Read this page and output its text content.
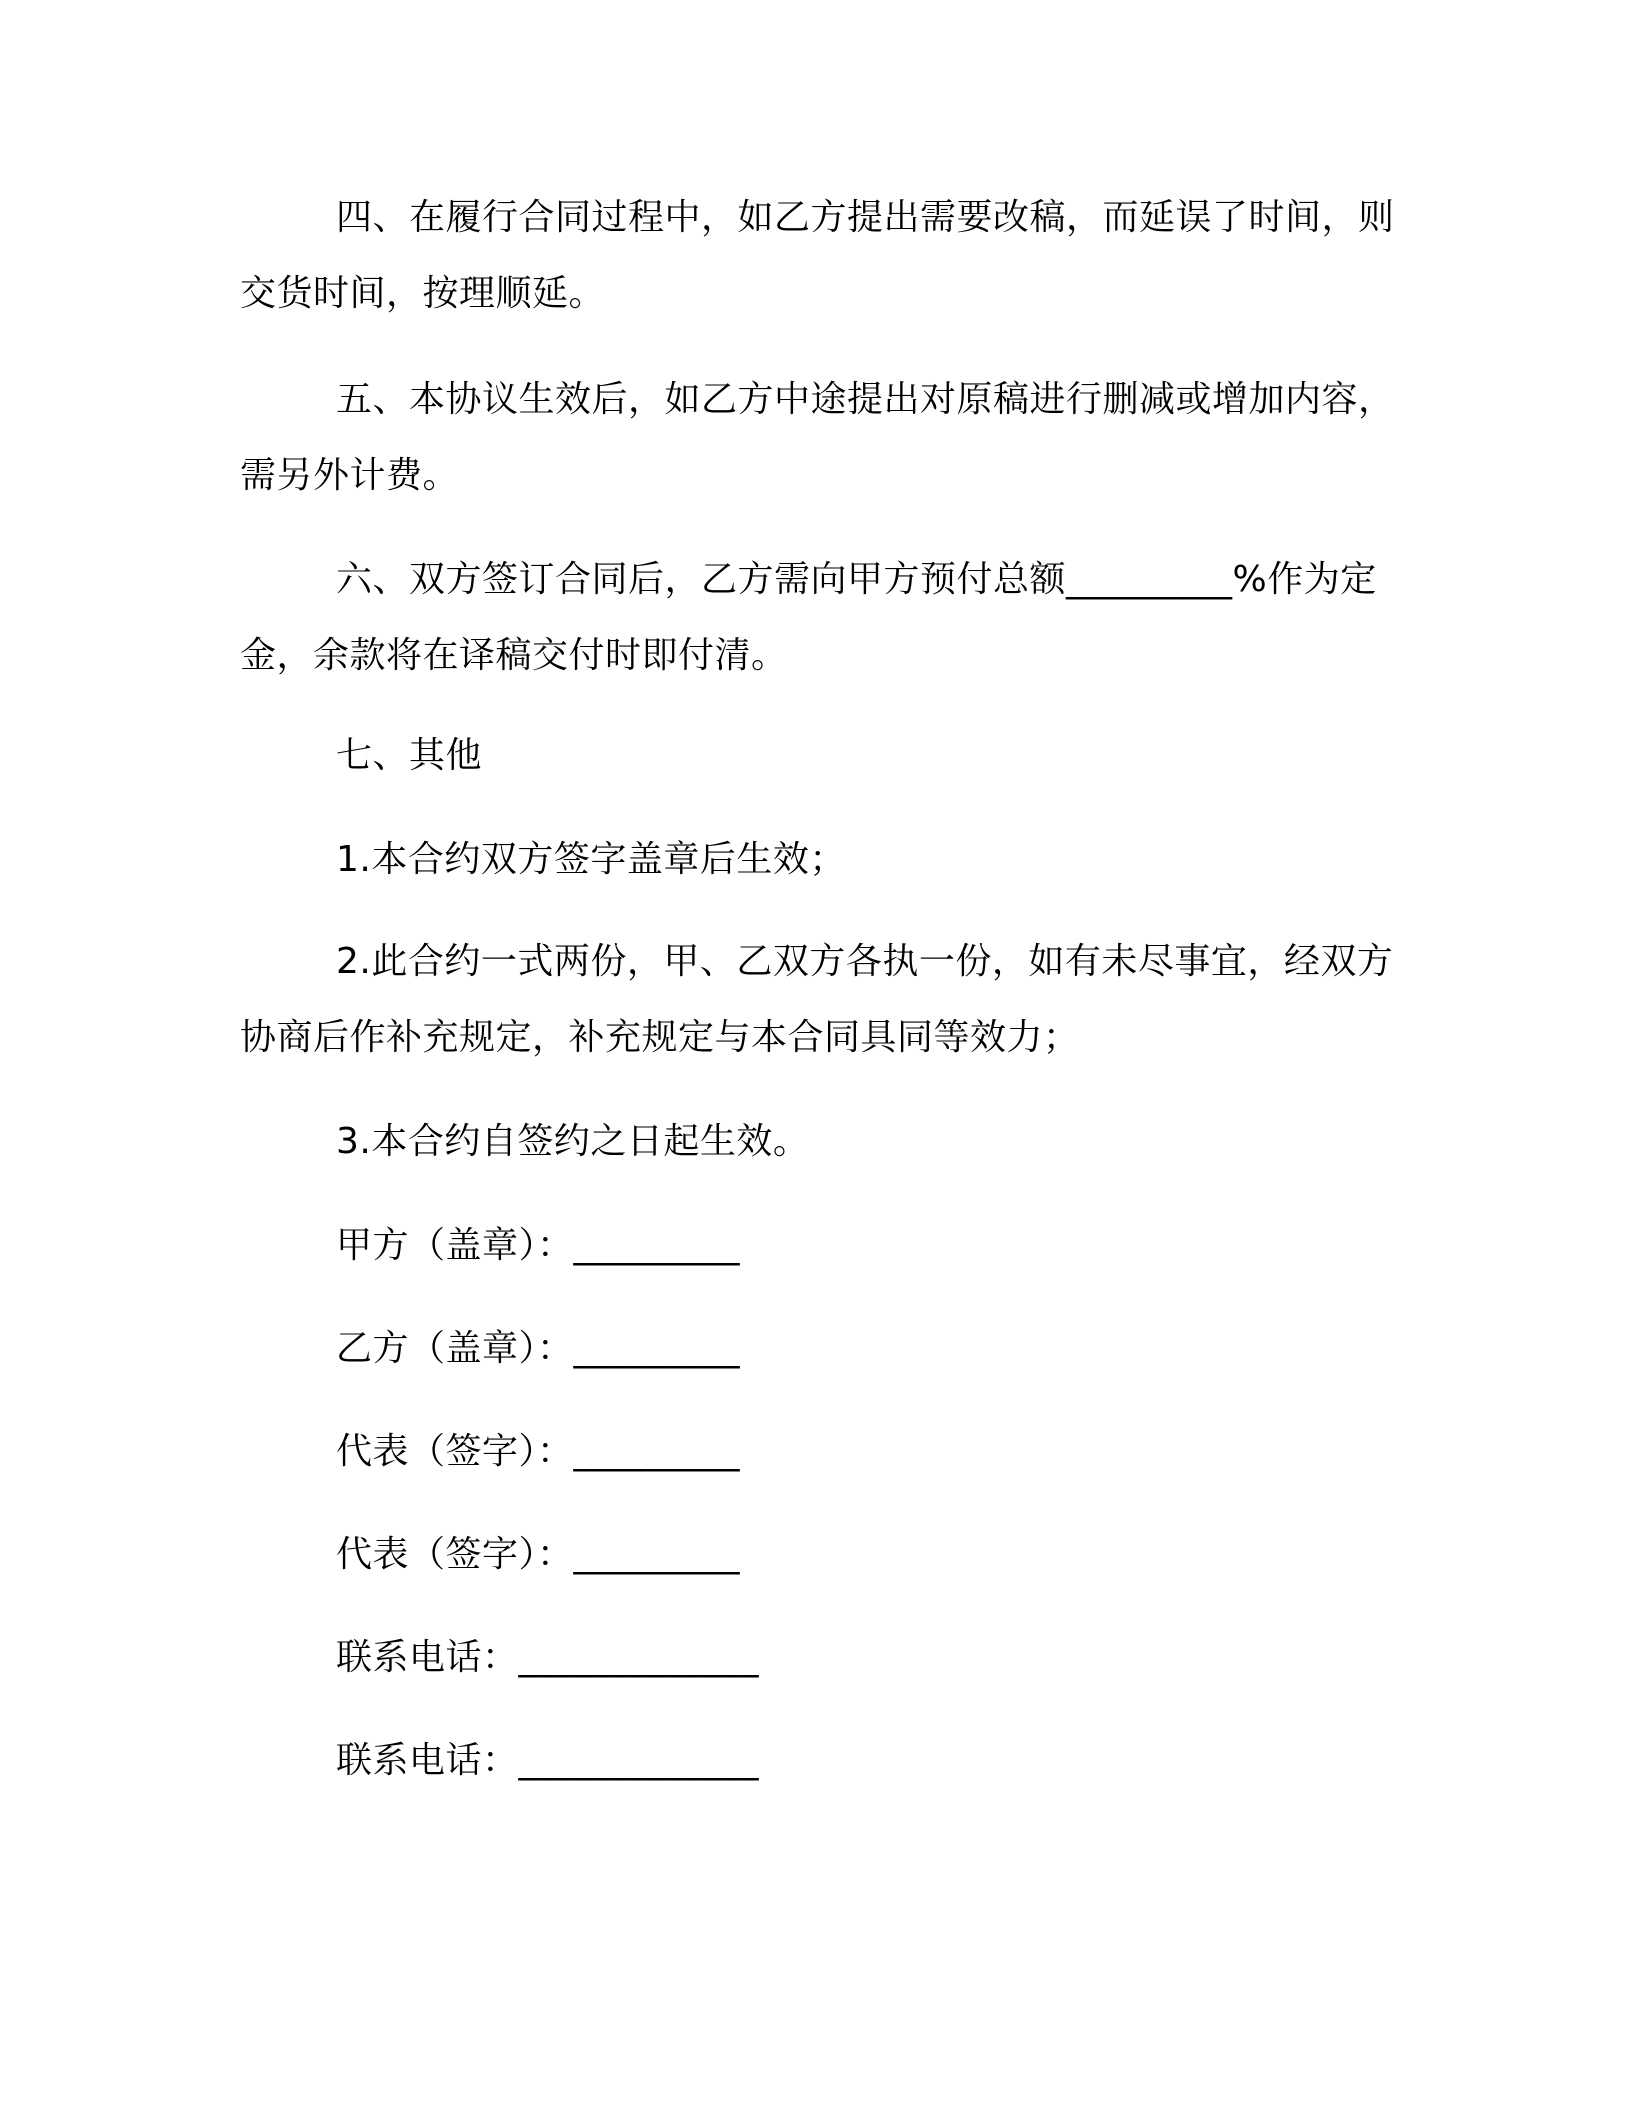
四、在履行合同过程中，如乙方提出需要改稿，而延误了时间，则交货时间，按理顺延。

五、本协议生效后，如乙方中途提出对原稿进行删减或增加内容，需另外计费。

六、双方签订合同后，乙方需向甲方预付总额_________%作为定金，余款将在译稿交付时即付清。

七、其他

1.本合约双方签字盖章后生效；

2.此合约一式两份，甲、乙双方各执一份，如有未尽事宜，经双方协商后作补充规定，补充规定与本合同具同等效力；

3.本合约自签约之日起生效。

甲方（盖章）：_________

乙方（盖章）：_________

代表（签字）：_________

代表（签字）：_________

联系电话：_____________

联系电话：_____________
